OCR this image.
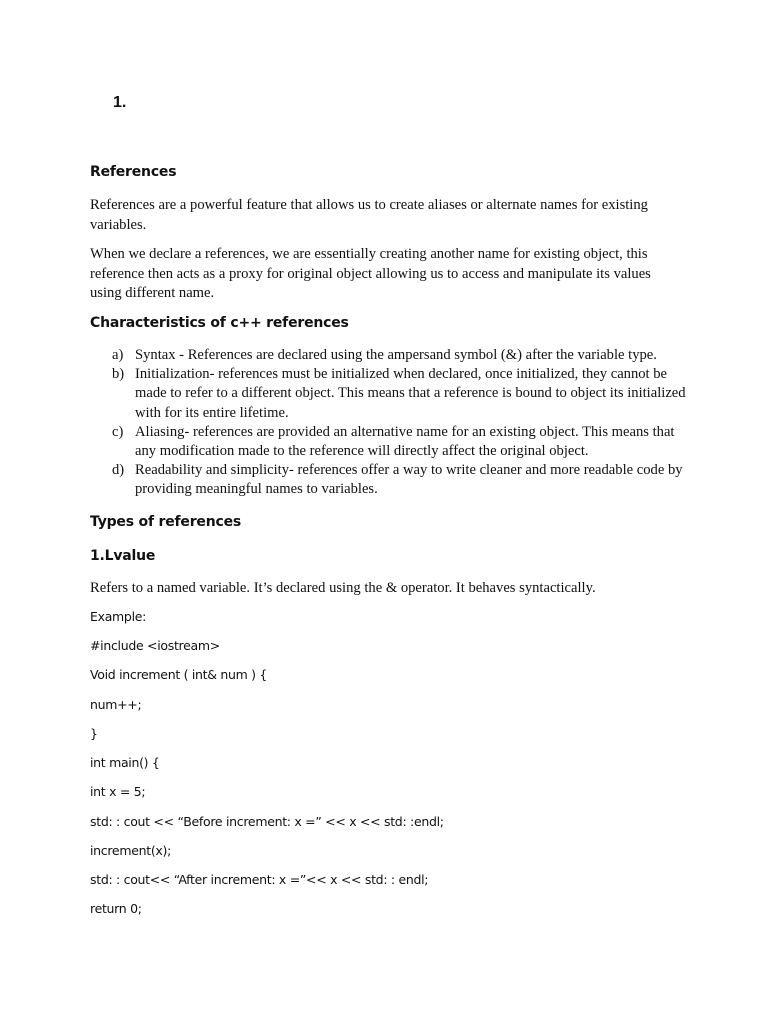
1.
References
References are a powerful feature that allows us to create aliases or alternate names for existing variables.
When we declare a references, we are essentially creating another name for existing object, this reference then acts as a proxy for original object allowing us to access and manipulate its values using different name.
Characteristics of c++ references
a) Syntax - References are declared using the ampersand symbol (&) after the variable type.
b) Initialization- references must be initialized when declared, once initialized, they cannot be made to refer to a different object. This means that a reference is bound to object its initialized with for its entire lifetime.
c) Aliasing- references are provided an alternative name for an existing object. This means that any modification made to the reference will directly affect the original object.
d) Readability and simplicity- references offer a way to write cleaner and more readable code by providing meaningful names to variables.
Types of references
1.Lvalue
Refers to a named variable. It’s declared using the & operator. It behaves syntactically.
Example:
#include <iostream>
Void increment ( int& num ) {
num++;
}
int main() {
int x = 5;
std: : cout << “Before increment: x =” << x << std: :endl;
increment(x);
std: : cout<< “After increment: x =”<< x << std: : endl;
return 0;
